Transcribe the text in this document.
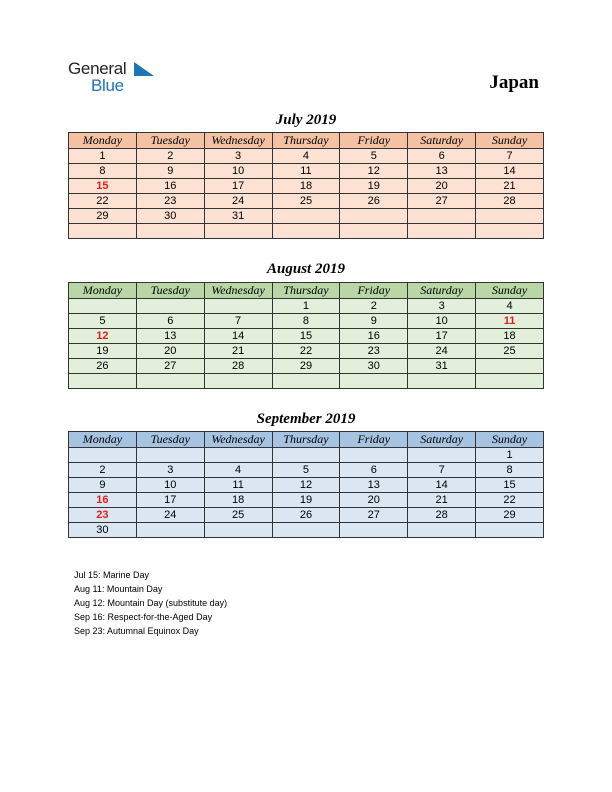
General
Blue	Japan
July 2019
Monday	Tuesday	Wednesday	Thursday	Friday	Saturday	Sunday
1	2	3	4	5	6	7
8	9	10	11	12	13	14
15	16	17	18	19	20	21
22	23	24	25	26	27	28
29	30	31				

August 2019
Monday	Tuesday	Wednesday	Thursday	Friday	Saturday	Sunday
			1	2	3	4
5	6	7	8	9	10	11
12	13	14	15	16	17	18
19	20	21	22	23	24	25
26	27	28	29	30	31	

September 2019
Monday	Tuesday	Wednesday	Thursday	Friday	Saturday	Sunday
						1
2	3	4	5	6	7	8
9	10	11	12	13	14	15
16	17	18	19	20	21	22
23	24	25	26	27	28	29
30						
Jul 15: Marine Day
Aug 11: Mountain Day
Aug 12: Mountain Day (substitute day)
Sep 16: Respect-for-the-Aged Day
Sep 23: Autumnal Equinox Day
